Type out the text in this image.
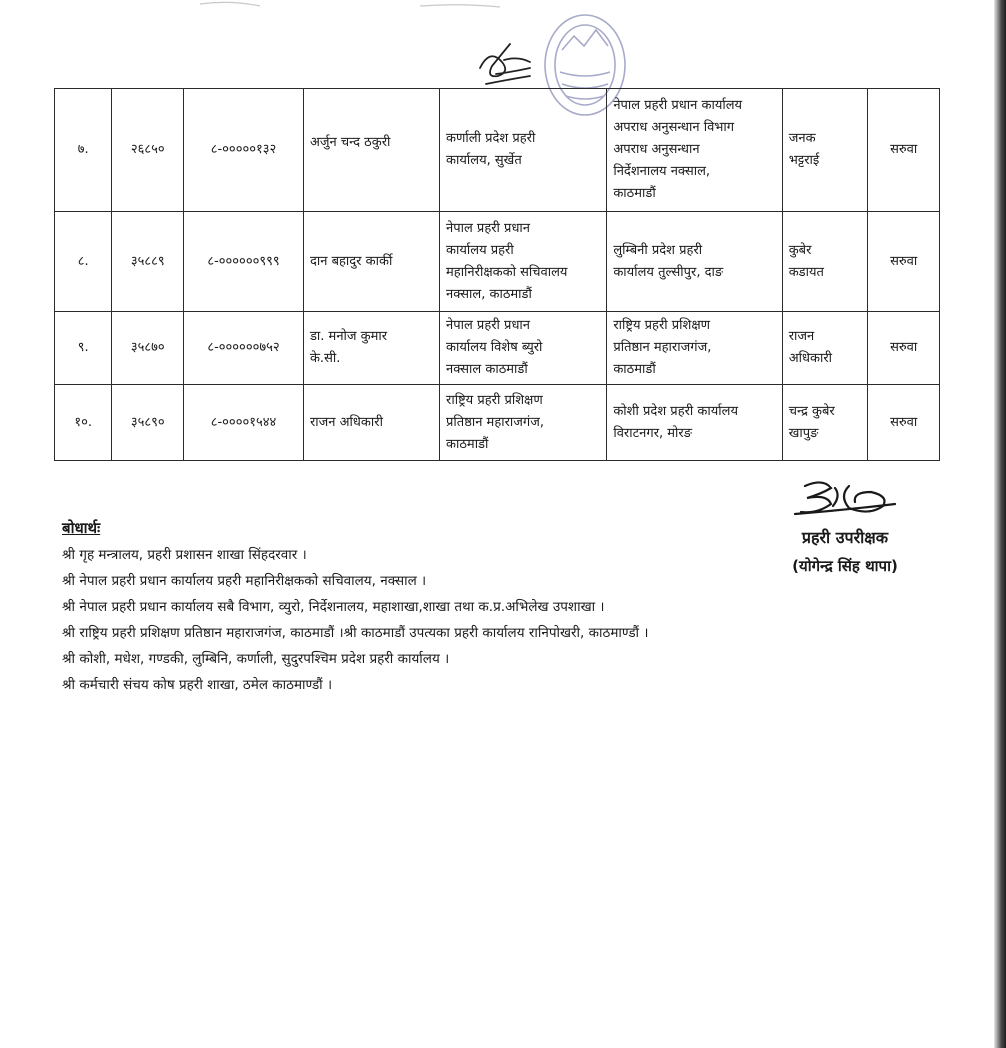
७.	२६८५०	८-०००००१३२	अर्जुन चन्द ठकुरी	कर्णाली प्रदेश प्रहरी
कार्यालय, सुर्खेत	नेपाल प्रहरी प्रधान कार्यालय
अपराध अनुसन्धान विभाग
अपराध अनुसन्धान
निर्देशनालय नक्साल,
काठमाडौं	जनक
भट्टराई	सरुवा

८.	३५८८९	८-००००००९९९	दान बहादुर कार्की	नेपाल प्रहरी प्रधान
कार्यालय प्रहरी
महानिरीक्षकको सचिवालय
नक्साल, काठमाडौं	लुम्बिनी प्रदेश प्रहरी
कार्यालय तुल्सीपुर, दाङ	कुबेर
कडायत	सरुवा

९.	३५८७०	८-००००००७५२	डा. मनोज कुमार
के.सी.	नेपाल प्रहरी प्रधान
कार्यालय विशेष ब्युरो
नक्साल काठमाडौं	राष्ट्रिय प्रहरी प्रशिक्षण
प्रतिष्ठान महाराजगंज,
काठमाडौं	राजन
अधिकारी	सरुवा

१०.	३५८९०	८-००००१५४४	राजन अधिकारी	राष्ट्रिय प्रहरी प्रशिक्षण
प्रतिष्ठान महाराजगंज,
काठमाडौं	कोशी प्रदेश प्रहरी कार्यालय
विराटनगर, मोरङ	चन्द्र कुबेर
खापुङ	सरुवा
प्रहरी उपरीक्षक
(योगेन्द्र सिंह थापा)
बोधार्थः
श्री गृह मन्त्रालय, प्रहरी प्रशासन शाखा सिंहदरवार ।
श्री नेपाल प्रहरी प्रधान कार्यालय प्रहरी महानिरीक्षकको सचिवालय, नक्साल ।
श्री नेपाल प्रहरी प्रधान कार्यालय सबै विभाग, व्युरो, निर्देशनालय, महाशाखा,शाखा तथा क.प्र.अभिलेख उपशाखा ।
श्री राष्ट्रिय प्रहरी प्रशिक्षण प्रतिष्ठान महाराजगंज, काठमाडौं ।श्री काठमाडौं उपत्यका प्रहरी कार्यालय रानिपोखरी, काठमाण्डौं ।
श्री कोशी, मधेश, गण्डकी, लुम्बिनि, कर्णाली, सुदुरपश्चिम प्रदेश प्रहरी कार्यालय ।
श्री कर्मचारी संचय कोष प्रहरी शाखा, ठमेल काठमाण्डौं ।
